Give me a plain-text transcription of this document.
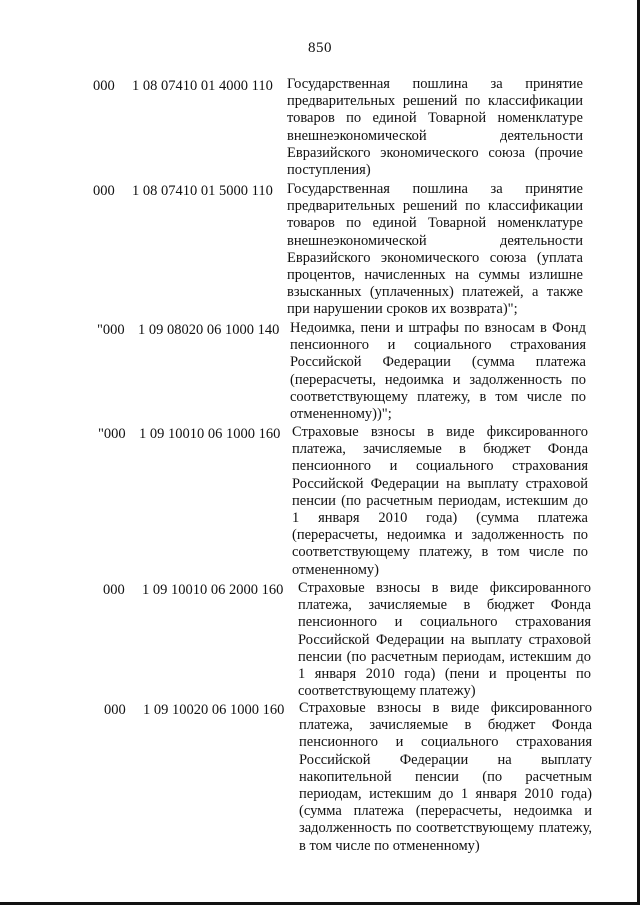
850
000 1 08 07410 01 4000 110 Государственная пошлина за принятие
предварительных решений по классификации
товаров по единой Товарной номенклатуре
внешнеэкономической деятельности
Евразийского экономического союза (прочие
поступления)
000 1 08 07410 01 5000 110 Государственная пошлина за принятие
предварительных решений по классификации
товаров по единой Товарной номенклатуре
внешнеэкономической деятельности
Евразийского экономического союза (уплата
процентов, начисленных на суммы излишне
взысканных (уплаченных) платежей, а также
при нарушении сроков их возврата)";
"000 1 09 08020 06 1000 140 Недоимка, пени и штрафы по взносам в Фонд
пенсионного и социального страхования
Российской Федерации (сумма платежа
(перерасчеты, недоимка и задолженность по
соответствующему платежу, в том числе по
отмененному))";
"000 1 09 10010 06 1000 160 Страховые взносы в виде фиксированного
платежа, зачисляемые в бюджет Фонда
пенсионного и социального страхования
Российской Федерации на выплату страховой
пенсии (по расчетным периодам, истекшим до
1 января 2010 года) (сумма платежа
(перерасчеты, недоимка и задолженность по
соответствующему платежу, в том числе по
отмененному)
000 1 09 10010 06 2000 160 Страховые взносы в виде фиксированного
платежа, зачисляемые в бюджет Фонда
пенсионного и социального страхования
Российской Федерации на выплату страховой
пенсии (по расчетным периодам, истекшим до
1 января 2010 года) (пени и проценты по
соответствующему платежу)
000 1 09 10020 06 1000 160 Страховые взносы в виде фиксированного
платежа, зачисляемые в бюджет Фонда
пенсионного и социального страхования
Российской Федерации на выплату
накопительной пенсии (по расчетным
периодам, истекшим до 1 января 2010 года)
(сумма платежа (перерасчеты, недоимка и
задолженность по соответствующему платежу,
в том числе по отмененному)
